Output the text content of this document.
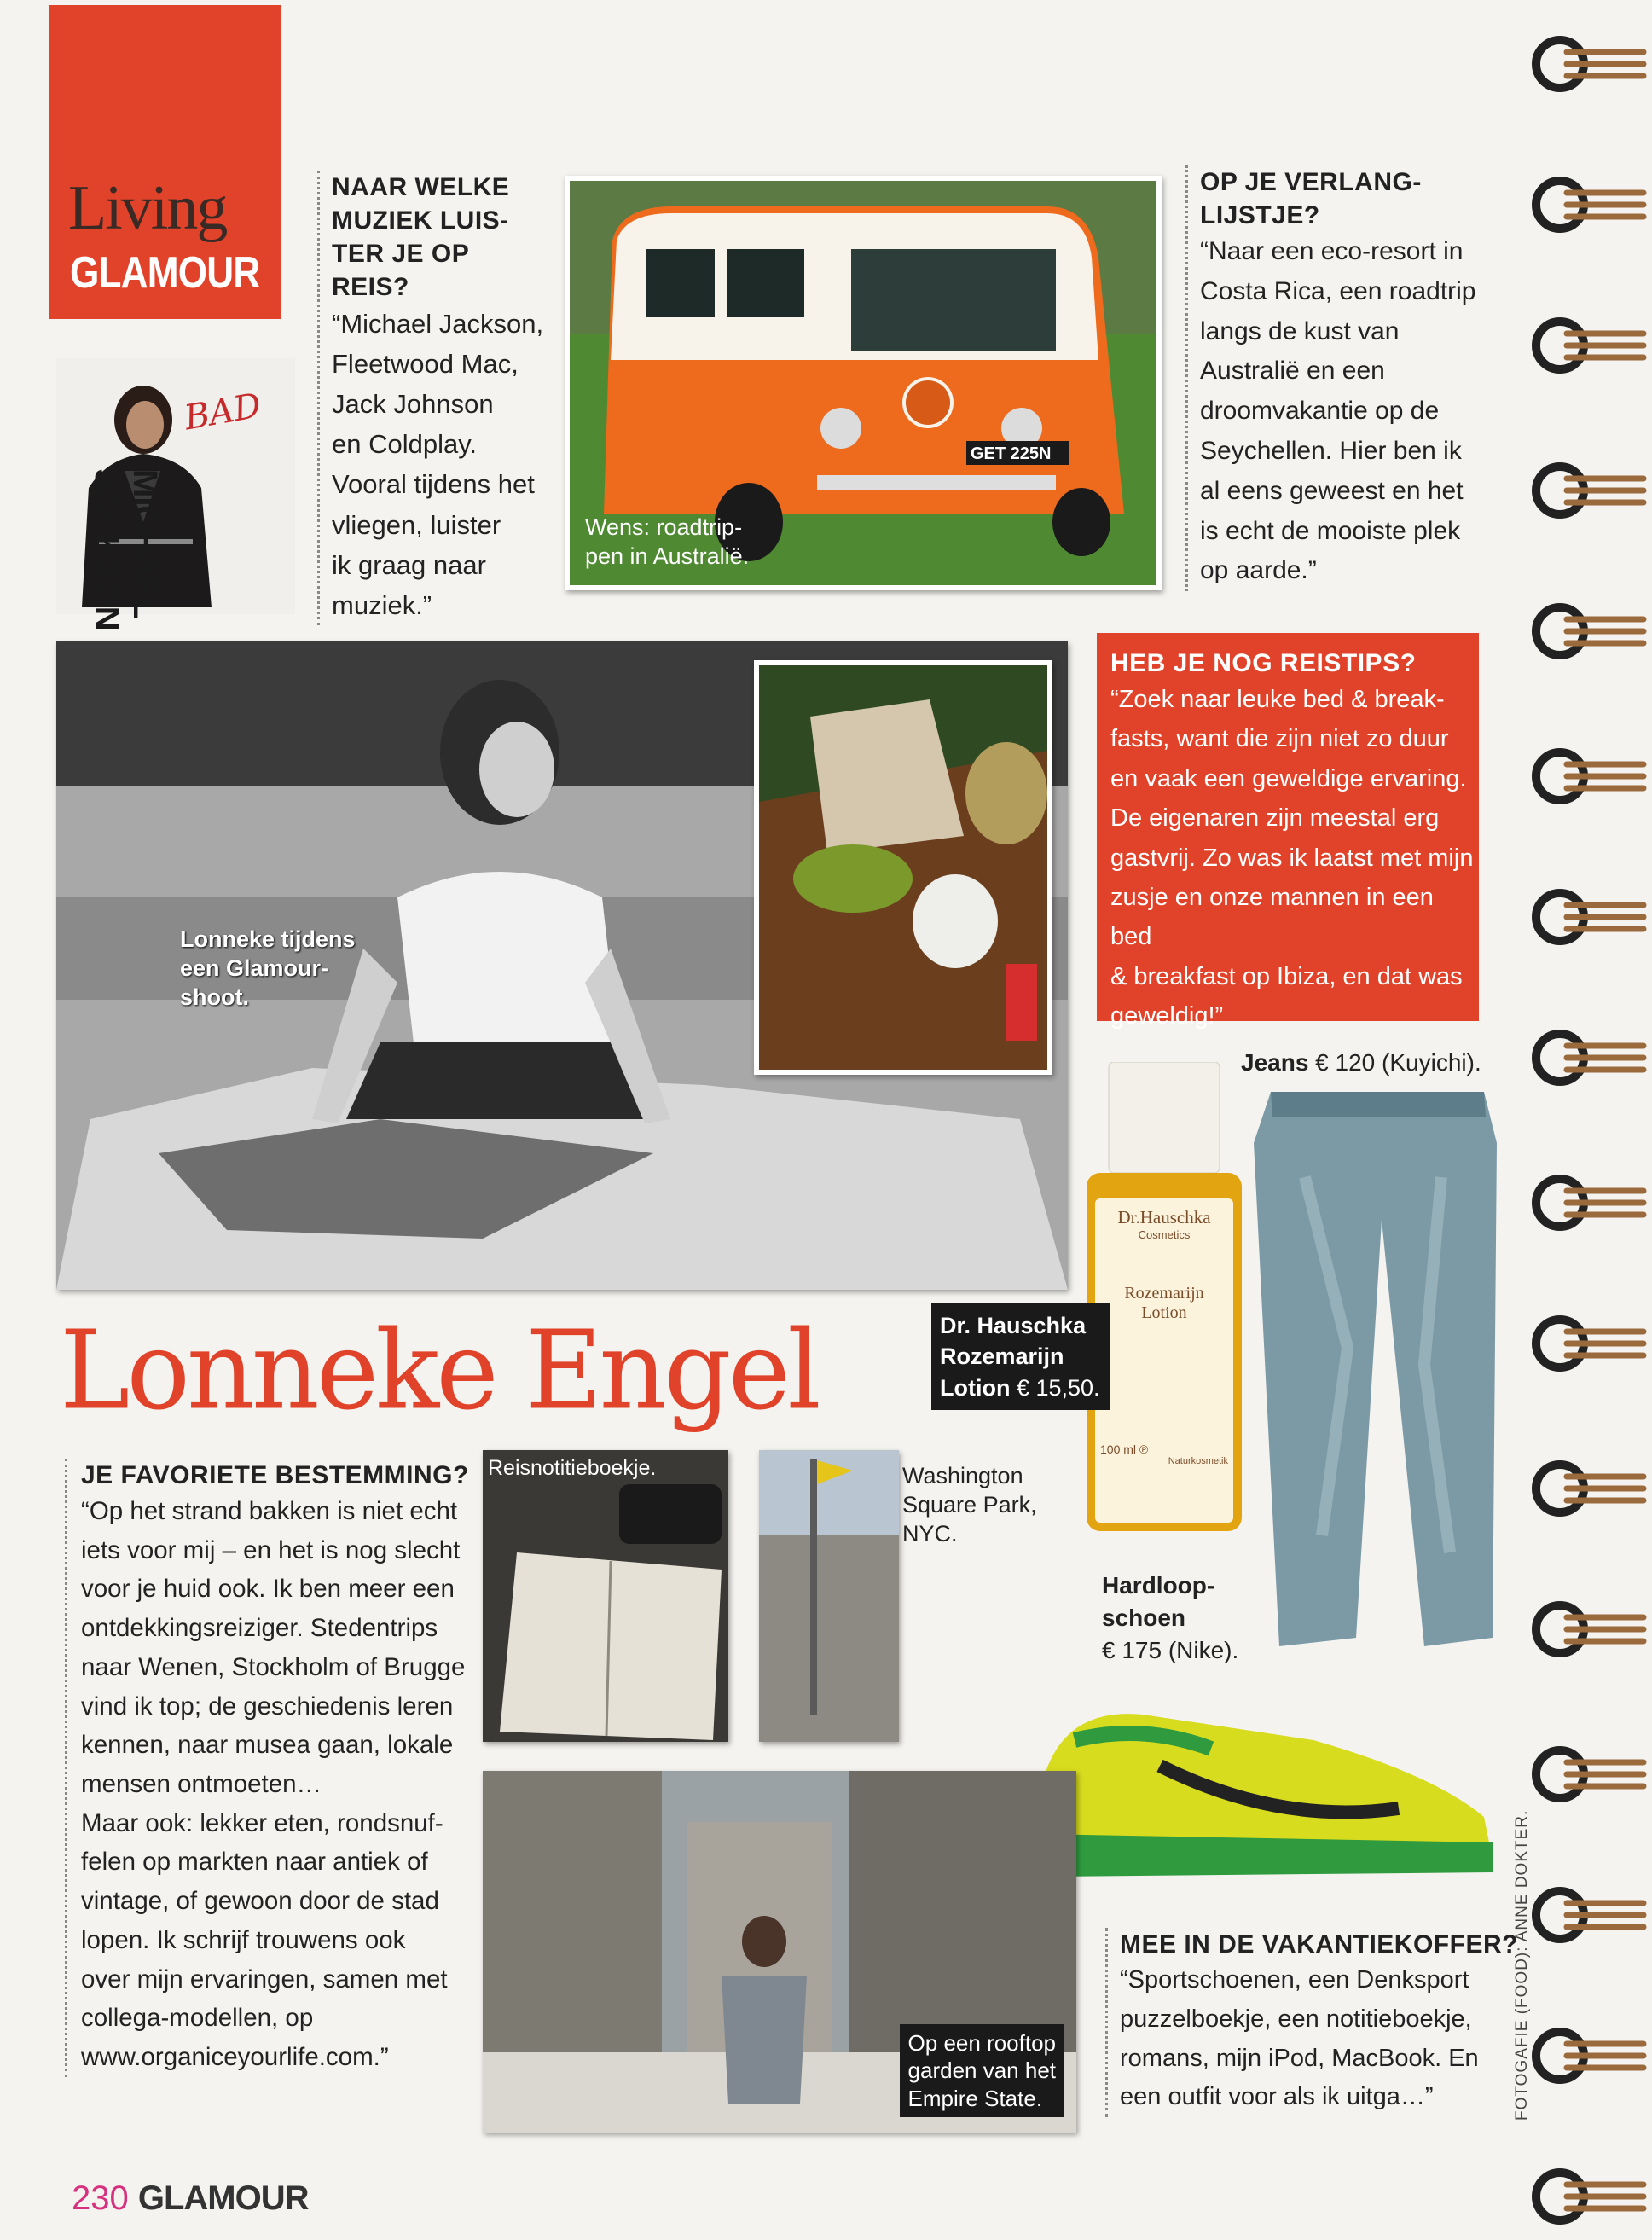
Living
GLAMOUR
BAD
MICHAEL JACKSON
NAAR WELKE
MUZIEK LUIS-
TER JE OP REIS?
“Michael Jackson,
Fleetwood Mac,
Jack Johnson
en Coldplay.
Vooral tijdens het
vliegen, luister
ik graag naar
muziek.”
GET 225N
Wens: roadtrip-
pen in Australië.
OP JE VERLANG-
LIJSTJE?
“Naar een eco-resort in
Costa Rica, een roadtrip
langs de kust van
Australië en een
droomvakantie op de
Seychellen. Hier ben ik
al eens geweest en het
is echt de mooiste plek
op aarde.”
Lonneke tijdens
een Glamour-
shoot.
HEB JE NOG REISTIPS?
“Zoek naar leuke bed & break-
fasts, want die zijn niet zo duur
en vaak een geweldige ervaring.
De eigenaren zijn meestal erg
gastvrij. Zo was ik laatst met mijn
zusje en onze mannen in een bed
& breakfast op Ibiza, en dat was
geweldig!”
Jeans € 120 (Kuyichi).
Dr.Hauschka
Cosmetics
Rozemarijn
Lotion
100 ml ℗
Naturkosmetik
Dr. Hauschka
Rozemarijn
Lotion € 15,50.
Lonneke Engel
Hardloop-
schoen
€ 175 (Nike).
JE FAVORIETE BESTEMMING?
“Op het strand bakken is niet echt
iets voor mij – en het is nog slecht
voor je huid ook. Ik ben meer een
ontdekkingsreiziger. Stedentrips
naar Wenen, Stockholm of Brugge
vind ik top; de geschiedenis leren
kennen, naar musea gaan, lokale
mensen ontmoeten…
Maar ook: lekker eten, rondsnuf-
felen op markten naar antiek of
vintage, of gewoon door de stad
lopen. Ik schrijf trouwens ook
over mijn ervaringen, samen met
collega-modellen, op
www.organiceyourlife.com.”
Reisnotitieboekje.	Washington
Square Park,
NYC.
Op een rooftop
garden van het
Empire State.
MEE IN DE VAKANTIEKOFFER?
“Sportschoenen, een Denksport
puzzelboekje, een notitieboekje,
romans, mijn iPod, MacBook. En
een outfit voor als ik uitga…”	FOTOGAFIE (FOOD): ANNE DOKTER.
230 GLAMOUR
